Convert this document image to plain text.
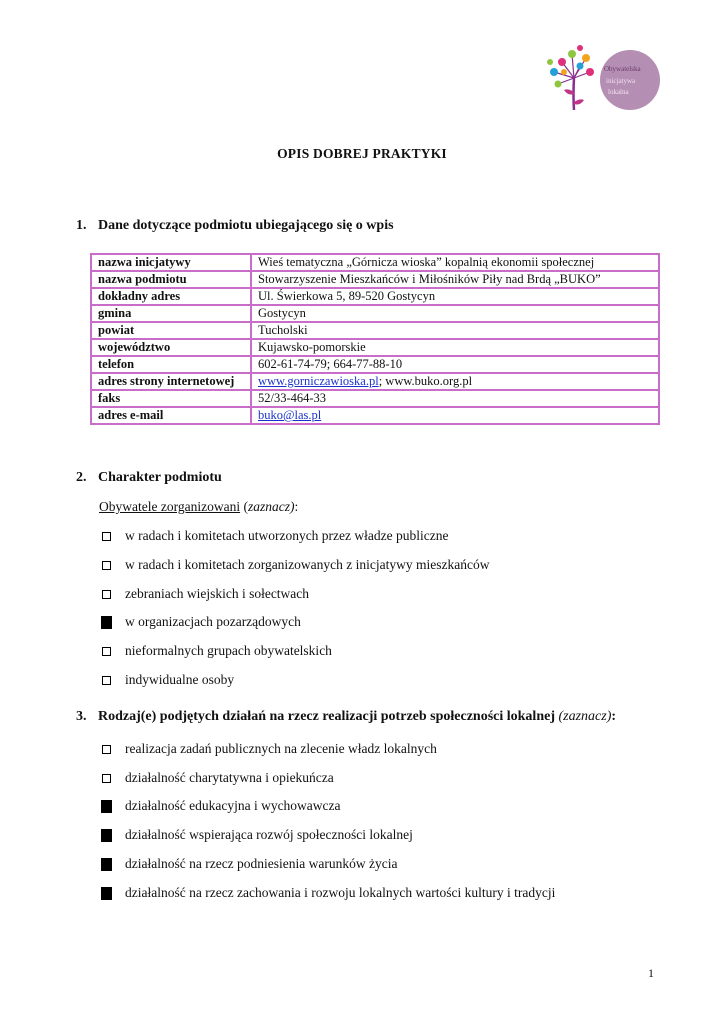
Obywatelska
inicjatywa
lokalna
OPIS DOBREJ PRAKTYKI
1. Dane dotyczące podmiotu ubiegającego się o wpis
nazwa inicjatywy	Wieś tematyczna „Górnicza wioska” kopalnią ekonomii społecznej
nazwa podmiotu	Stowarzyszenie Mieszkańców i Miłośników Piły nad Brdą „BUKO”
dokładny adres	Ul. Świerkowa 5, 89-520 Gostycyn
gmina	Gostycyn
powiat	Tucholski
województwo	Kujawsko-pomorskie
telefon	602-61-74-79; 664-77-88-10
adres strony internetowej	www.gorniczawioska.pl; www.buko.org.pl
faks	52/33-464-33
adres e-mail	buko@las.pl
2. Charakter podmiotu
Obywatele zorganizowani (zaznacz):
w radach i komitetach utworzonych przez władze publiczne
w radach i komitetach zorganizowanych z inicjatywy mieszkańców
zebraniach wiejskich i sołectwach
w organizacjach pozarządowych
nieformalnych grupach obywatelskich
indywidualne osoby
3. Rodzaj(e) podjętych działań na rzecz realizacji potrzeb społeczności lokalnej (zaznacz):
realizacja zadań publicznych na zlecenie władz lokalnych
działalność charytatywna i opiekuńcza
działalność edukacyjna i wychowawcza
działalność wspierająca rozwój społeczności lokalnej
działalność na rzecz podniesienia warunków życia
działalność na rzecz zachowania i rozwoju lokalnych wartości kultury i tradycji
1
